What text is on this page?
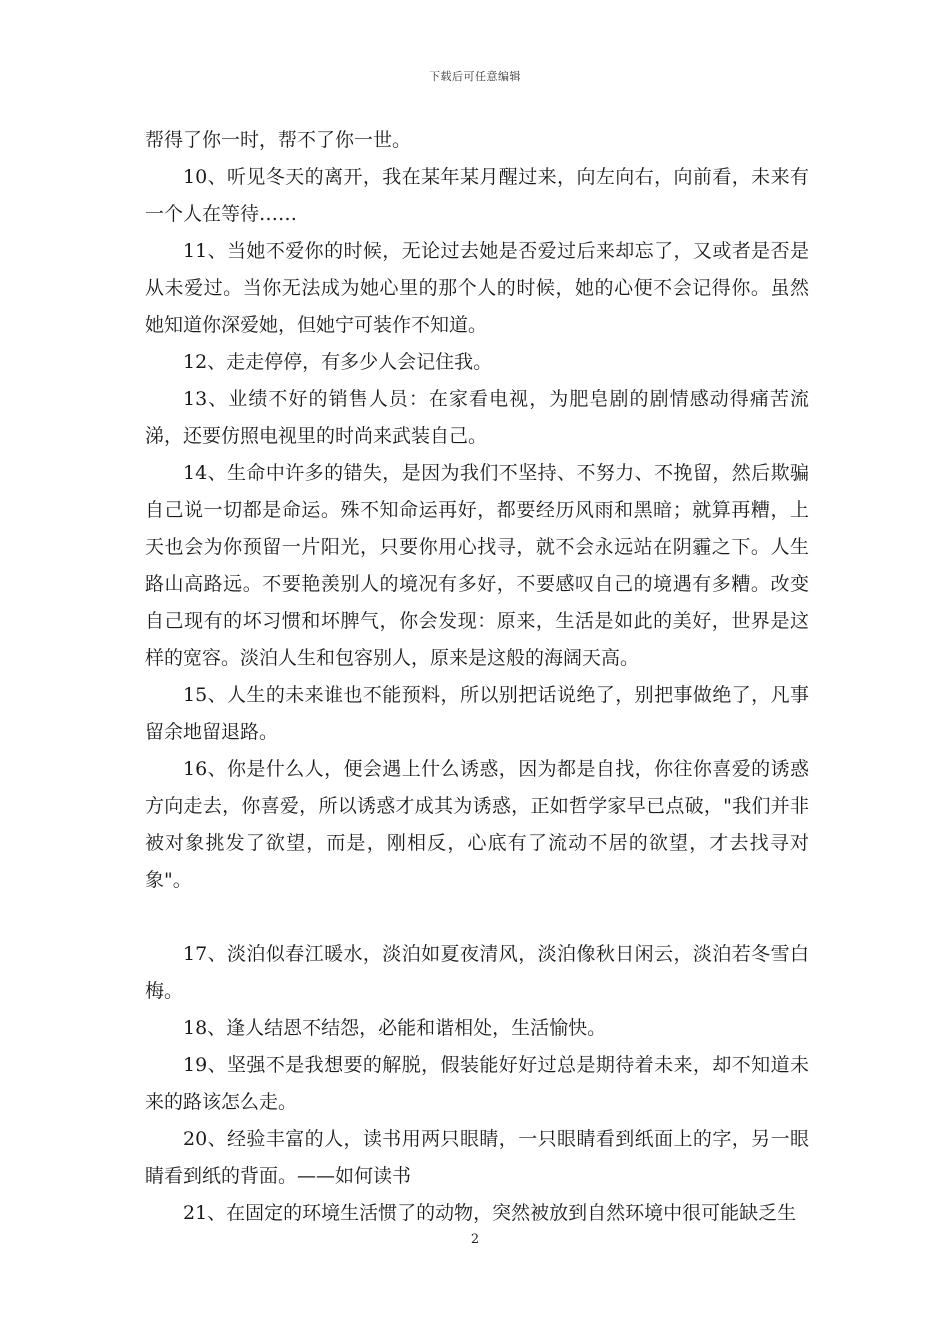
下载后可任意编辑

帮得了你一时，帮不了你一世。

10、听见冬天的离开，我在某年某月醒过来，向左向右，向前看，未来有一个人在等待……

11、当她不爱你的时候，无论过去她是否爱过后来却忘了，又或者是否是从未爱过。当你无法成为她心里的那个人的时候，她的心便不会记得你。虽然她知道你深爱她，但她宁可装作不知道。

12、走走停停，有多少人会记住我。

13、业绩不好的销售人员：在家看电视，为肥皂剧的剧情感动得痛苦流涕，还要仿照电视里的时尚来武装自己。

14、生命中许多的错失，是因为我们不坚持、不努力、不挽留，然后欺骗自己说一切都是命运。殊不知命运再好，都要经历风雨和黑暗；就算再糟，上天也会为你预留一片阳光，只要你用心找寻，就不会永远站在阴霾之下。人生路山高路远。不要艳羡别人的境况有多好，不要感叹自己的境遇有多糟。改变自己现有的坏习惯和坏脾气，你会发现：原来，生活是如此的美好，世界是这样的宽容。淡泊人生和包容别人，原来是这般的海阔天高。

15、人生的未来谁也不能预料，所以别把话说绝了，别把事做绝了，凡事留余地留退路。

16、你是什么人，便会遇上什么诱惑，因为都是自找，你往你喜爱的诱惑方向走去，你喜爱，所以诱惑才成其为诱惑，正如哲学家早已点破，"我们并非被对象挑发了欲望，而是，刚相反，心底有了流动不居的欲望，才去找寻对象"。

17、淡泊似春江暖水，淡泊如夏夜清风，淡泊像秋日闲云，淡泊若冬雪白梅。

18、逢人结恩不结怨，必能和谐相处，生活愉快。

19、坚强不是我想要的解脱，假装能好好过总是期待着未来，却不知道未来的路该怎么走。

20、经验丰富的人，读书用两只眼睛，一只眼睛看到纸面上的字，另一眼睛看到纸的背面。——如何读书

21、在固定的环境生活惯了的动物，突然被放到自然环境中很可能缺乏生

2
